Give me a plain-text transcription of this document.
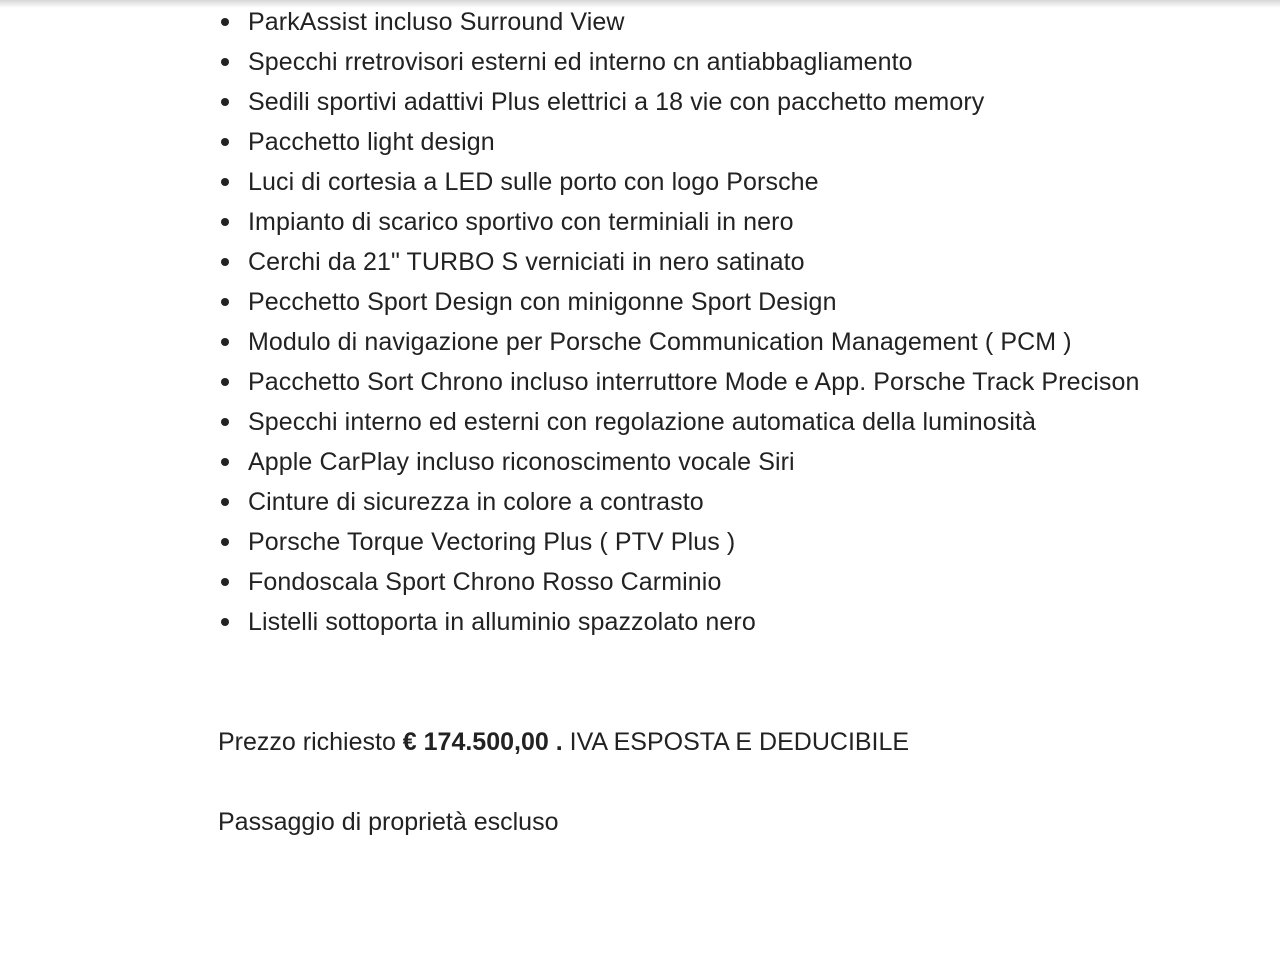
ParkAssist incluso Surround View
Specchi rretrovisori esterni ed interno cn antiabbagliamento
Sedili sportivi adattivi Plus elettrici a 18 vie con pacchetto memory
Pacchetto light design
Luci di cortesia a LED sulle porto con logo Porsche
Impianto di scarico sportivo con terminiali in nero
Cerchi da 21" TURBO S verniciati in nero satinato
Pecchetto Sport Design con minigonne Sport Design
Modulo di navigazione per Porsche Communication Management ( PCM )
Pacchetto Sort Chrono incluso interruttore Mode e App. Porsche Track Precison
Specchi interno ed esterni con regolazione automatica della luminosità
Apple CarPlay incluso riconoscimento vocale Siri
Cinture di sicurezza in colore a contrasto
Porsche Torque Vectoring Plus ( PTV Plus )
Fondoscala Sport Chrono Rosso Carminio
Listelli sottoporta in alluminio spazzolato nero

Prezzo richiesto € 174.500,00 . IVA ESPOSTA E DEDUCIBILE

Passaggio di proprietà escluso
